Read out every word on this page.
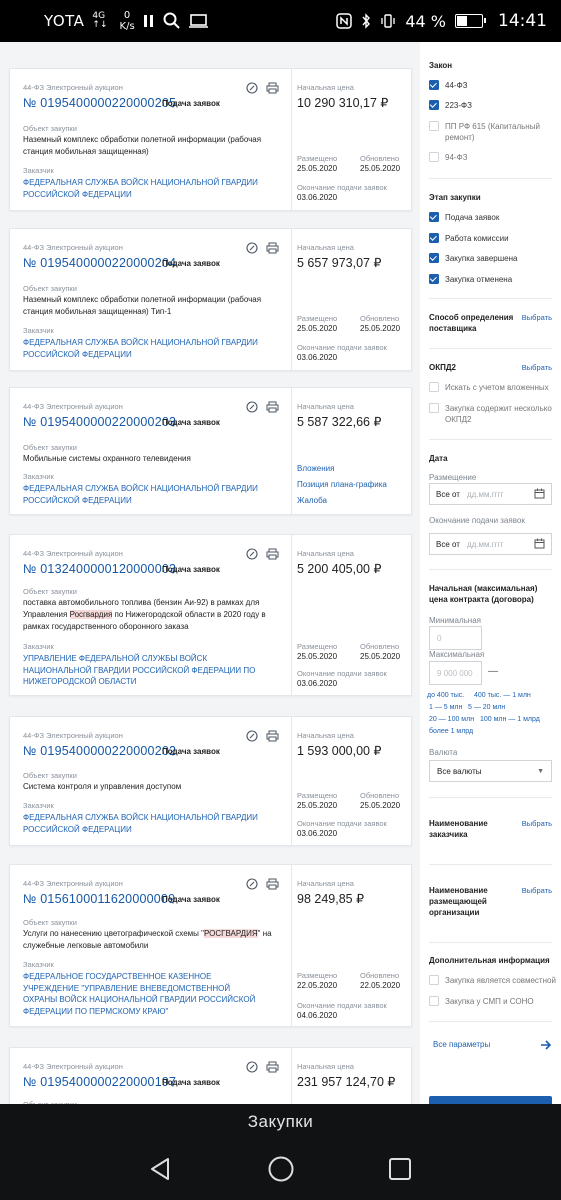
YOTA 4G
↑↓
0
K/s	44 %	14:41
44-ФЗ Электронный аукцион
№ 0195400000220000205
Подача заявок
Объект закупки
Наземный комплекс обработки полетной информации (рабочая станция мобильная защищенная)
Заказчик
ФЕДЕРАЛЬНАЯ СЛУЖБА ВОЙСК НАЦИОНАЛЬНОЙ ГВАРДИИ РОССИЙСКОЙ ФЕДЕРАЦИИ
Начальная цена
10 290 310,17 ₽
Размещено	Обновлено
25.05.2020	25.05.2020
Окончание подачи заявок
03.06.2020
44-ФЗ Электронный аукцион
№ 0195400000220000204
Подача заявок
Объект закупки
Наземный комплекс обработки полетной информации (рабочая станция мобильная защищенная) Тип-1
Заказчик
ФЕДЕРАЛЬНАЯ СЛУЖБА ВОЙСК НАЦИОНАЛЬНОЙ ГВАРДИИ РОССИЙСКОЙ ФЕДЕРАЦИИ
Начальная цена
5 657 973,07 ₽
Размещено	Обновлено
25.05.2020	25.05.2020
Окончание подачи заявок
03.06.2020
44-ФЗ Электронный аукцион
№ 0195400000220000203
Подача заявок
Объект закупки
Мобильные системы охранного телевидения
Заказчик
ФЕДЕРАЛЬНАЯ СЛУЖБА ВОЙСК НАЦИОНАЛЬНОЙ ГВАРДИИ РОССИЙСКОЙ ФЕДЕРАЦИИ
Начальная цена
5 587 322,66 ₽
Вложения
Позиция плана-графика
Жалоба
44-ФЗ Электронный аукцион
№ 0132400000120000003
Подача заявок
Объект закупки
поставка автомобильного топлива (бензин Аи-92) в рамках для Управления Росгвардия по Нижегородской области в 2020 году в рамках государственного оборонного заказа
Заказчик
УПРАВЛЕНИЕ ФЕДЕРАЛЬНОЙ СЛУЖБЫ ВОЙСК НАЦИОНАЛЬНОЙ ГВАРДИИ РОССИЙСКОЙ ФЕДЕРАЦИИ ПО НИЖЕГОРОДСКОЙ ОБЛАСТИ
Начальная цена
5 200 405,00 ₽
Размещено	Обновлено
25.05.2020	25.05.2020
Окончание подачи заявок
03.06.2020
44-ФЗ Электронный аукцион
№ 0195400000220000202
Подача заявок
Объект закупки
Система контроля и управления доступом
Заказчик
ФЕДЕРАЛЬНАЯ СЛУЖБА ВОЙСК НАЦИОНАЛЬНОЙ ГВАРДИИ РОССИЙСКОЙ ФЕДЕРАЦИИ
Начальная цена
1 593 000,00 ₽
Размещено	Обновлено
25.05.2020	25.05.2020
Окончание подачи заявок
03.06.2020
44-ФЗ Электронный аукцион
№ 0156100011620000009
Подача заявок
Объект закупки
Услуги по нанесению цветографической схемы "РОСГВАРДИЯ" на служебные легковые автомобили
Заказчик
ФЕДЕРАЛЬНОЕ ГОСУДАРСТВЕННОЕ КАЗЕННОЕ УЧРЕЖДЕНИЕ "УПРАВЛЕНИЕ ВНЕВЕДОМСТВЕННОЙ ОХРАНЫ ВОЙСК НАЦИОНАЛЬНОЙ ГВАРДИИ РОССИЙСКОЙ ФЕДЕРАЦИИ ПО ПЕРМСКОМУ КРАЮ"
Начальная цена
98 249,85 ₽
Размещено	Обновлено
22.05.2020	22.05.2020
Окончание подачи заявок
04.06.2020
44-ФЗ Электронный аукцион
№ 0195400000220000197
Подача заявок
Начальная цена
231 957 124,70 ₽
Закон
44-ФЗ
223-ФЗ
ПП РФ 615 (Капитальный ремонт)
94-ФЗ
Этап закупки
Подача заявок
Работа комиссии
Закупка завершена
Закупка отменена
Способ определения поставщика
Выбрать
ОКПД2	Выбрать
Искать с учетом вложенных
Закупка содержит несколько ОКПД2
Дата
Размещение
Все от дд.мм.гггг
Окончание подачи заявок
Все от дд.мм.гггг
Начальная (максимальная) цена контракта (договора)
Минимальная
0
Максимальная
9 000 000	—
до 400 тыс. 400 тыс. — 1 млн
1 — 5 млн 5 — 20 млн
20 — 100 млн 100 млн — 1 млрд
более 1 млрд
Валюта
Все валюты	▼
Наименование заказчика
Выбрать
Наименование размещающей организации
Выбрать
Дополнительная информация
Закупка является совместной
Закупка у СМП и СОНО
Все параметры
Закупки
